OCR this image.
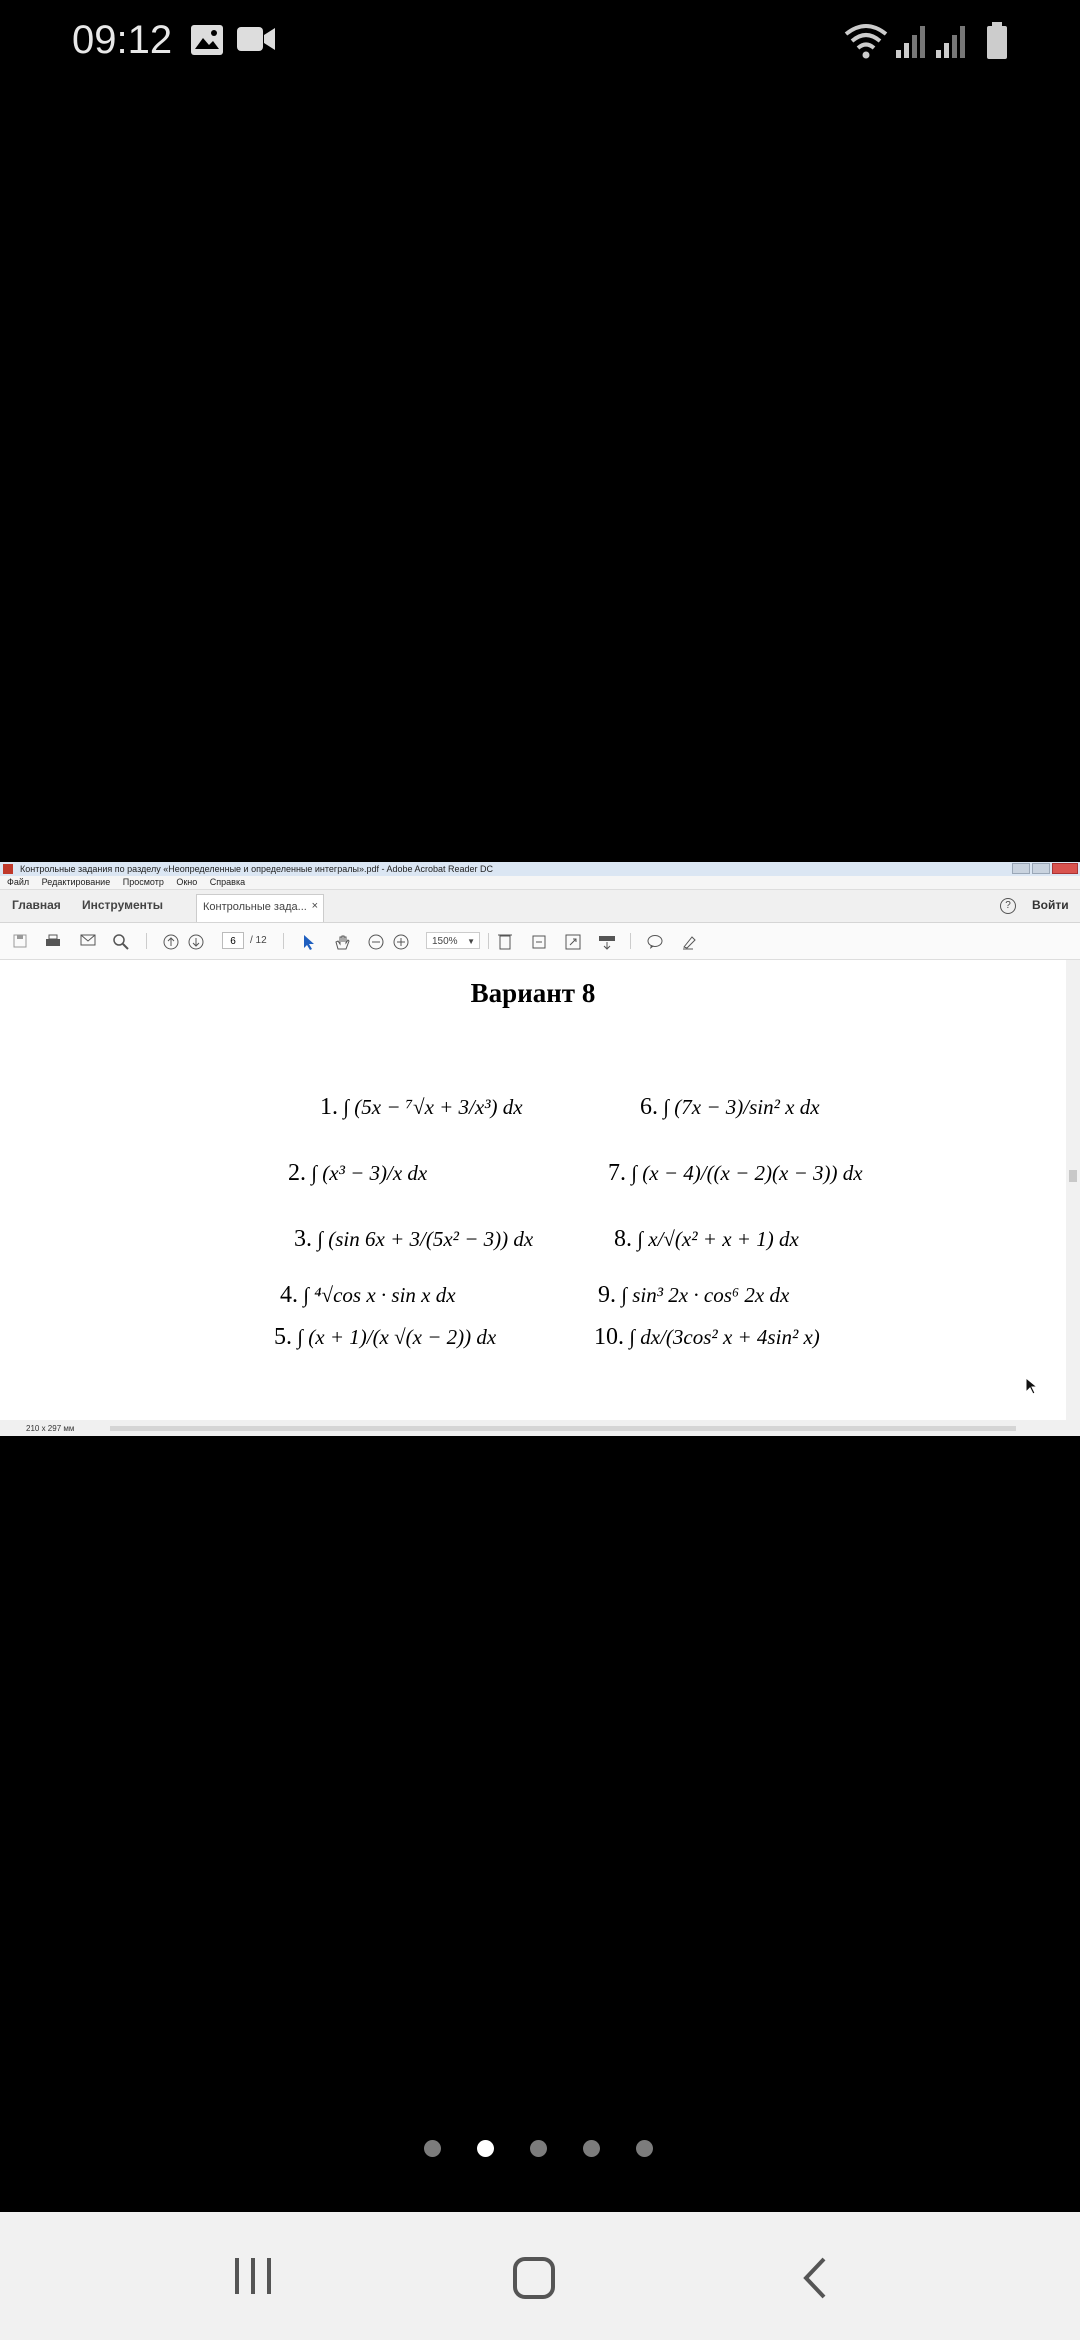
09:12
Контрольные задания по разделу «Неопределенные и определенные интегралы».pdf - Adobe Acrobat Reader DC
Файл Редактирование Просмотр Окно Справка
Главная Инструменты	Контрольные зада... ×	?	Войти
6	/ 12	150% ▼
Вариант 8
1. ∫ (5x − ⁷√x + 3/x³) dx
2. ∫ (x³ − 3)/x dx
3. ∫ (sin 6x + 3/(5x² − 3)) dx
4. ∫ ⁴√cos x · sin x dx
5. ∫ (x + 1)/(x √(x − 2)) dx
6. ∫ (7x − 3)/sin² x dx
7. ∫ (x − 4)/((x − 2)(x − 3)) dx
8. ∫ x/√(x² + x + 1) dx
9. ∫ sin³ 2x · cos⁶ 2x dx
10. ∫ dx/(3cos² x + 4sin² x)
210 x 297 мм
